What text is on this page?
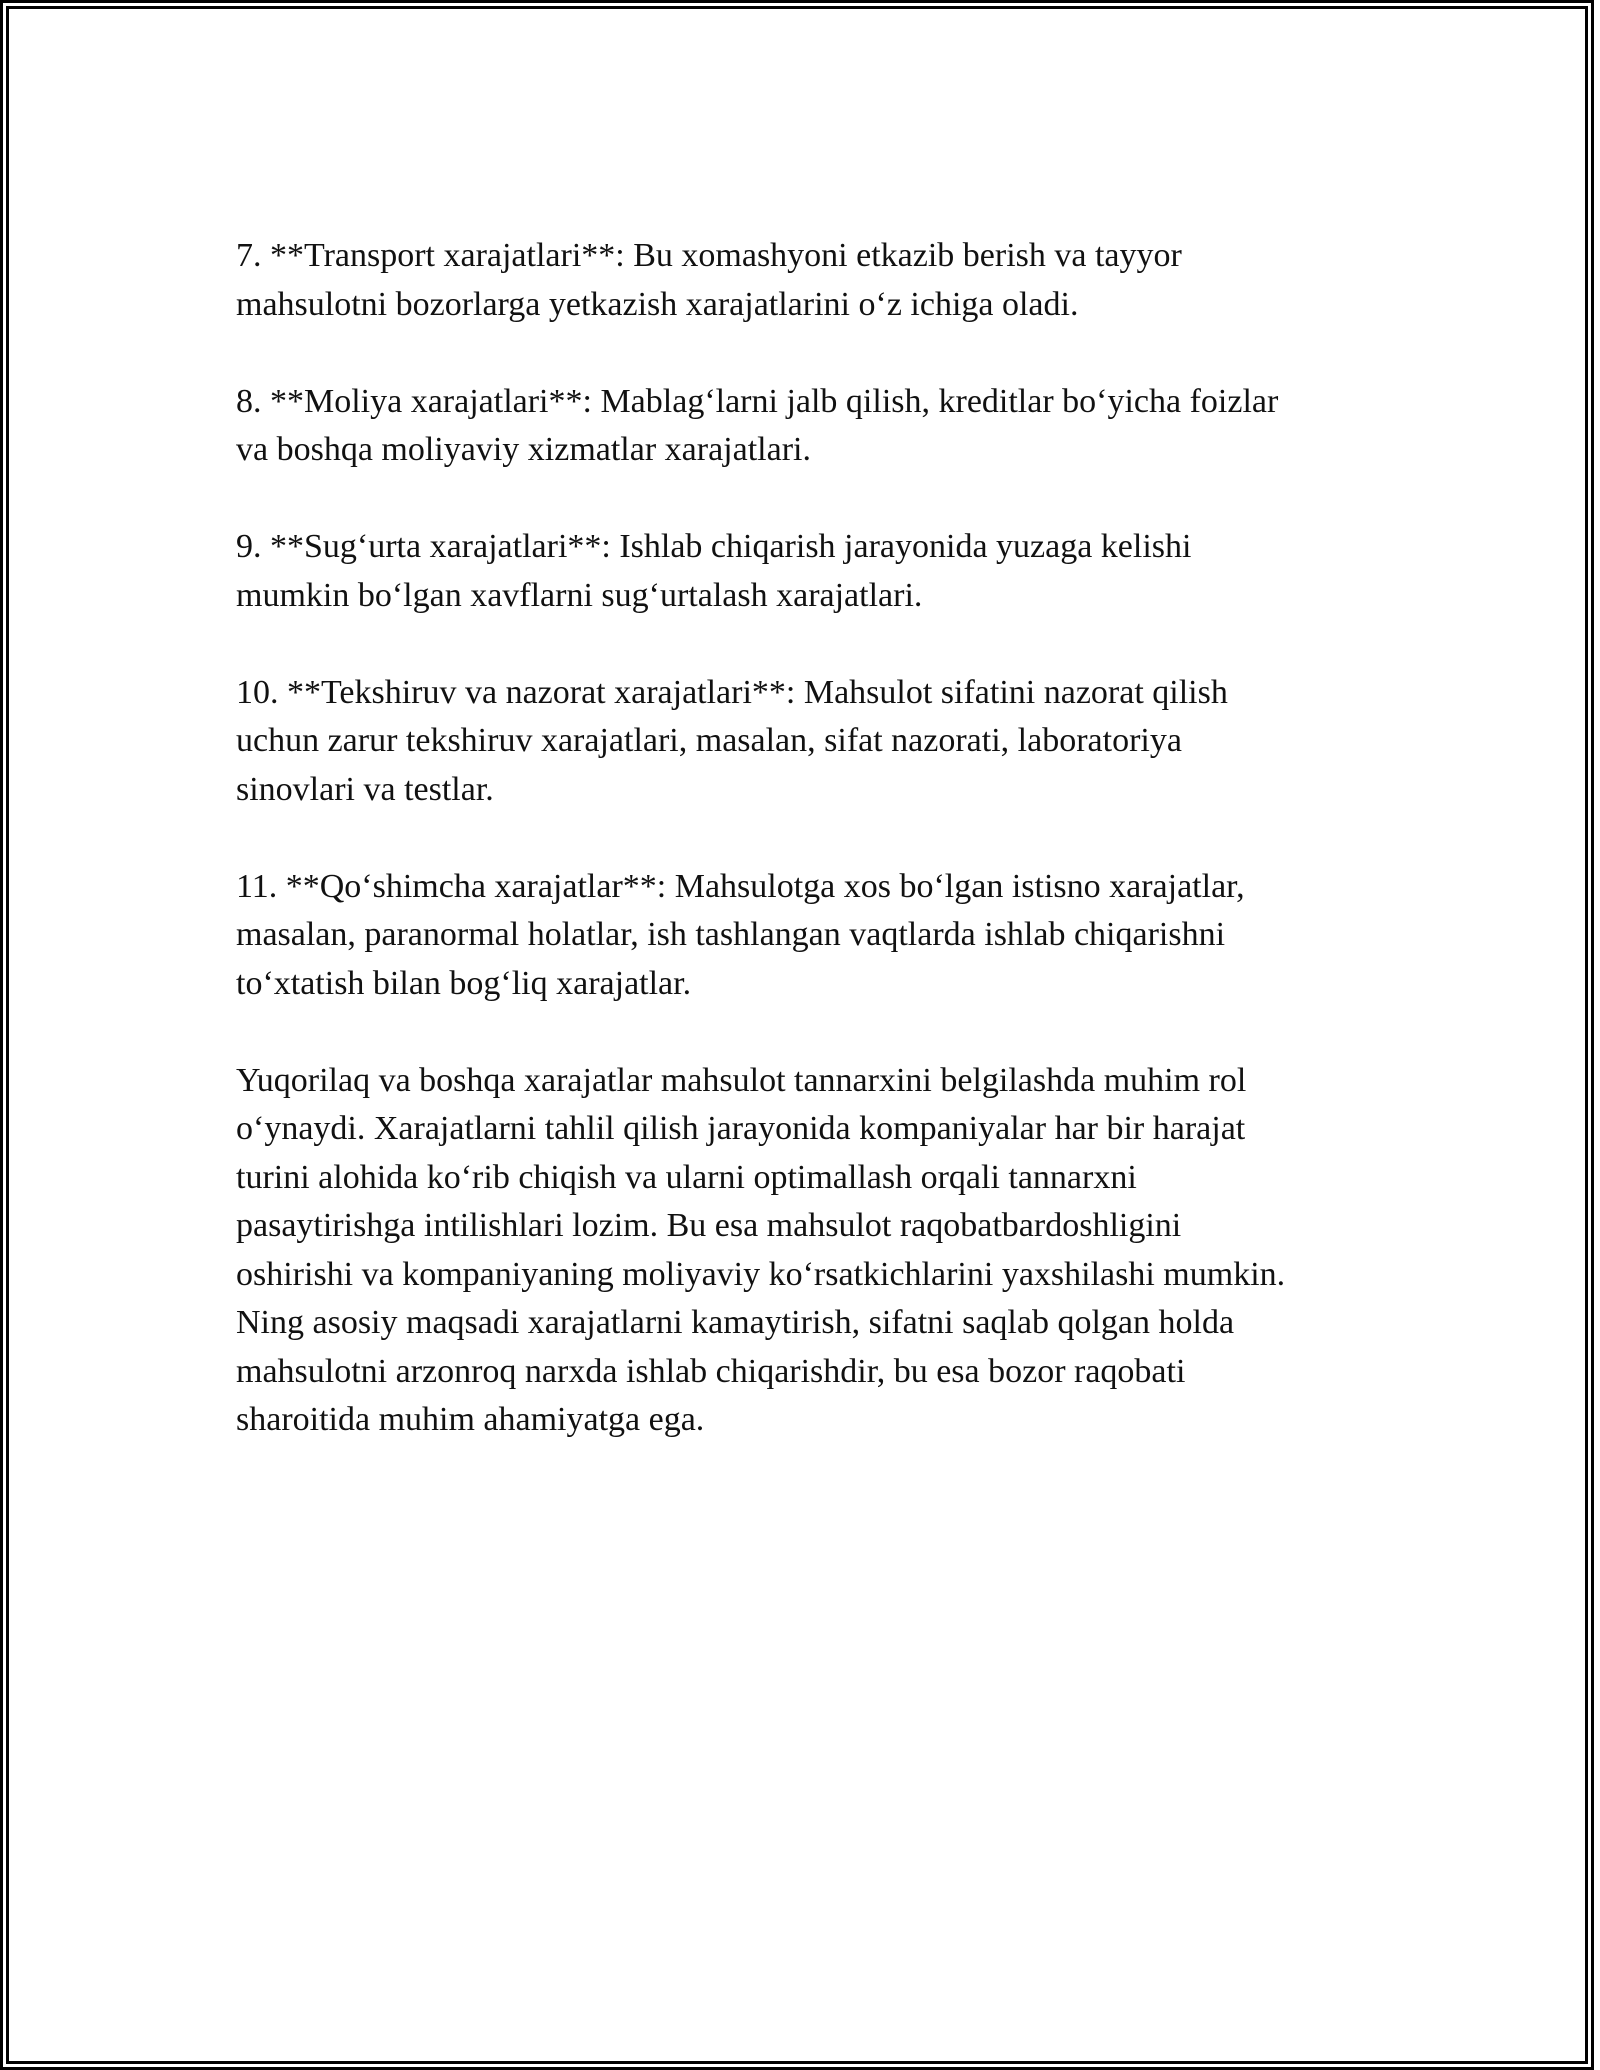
7. **Transport xarajatlari**: Bu xomashyoni etkazib berish va tayyor
mahsulotni bozorlarga yetkazish xarajatlarini o‘z ichiga oladi.

8. **Moliya xarajatlari**: Mablag‘larni jalb qilish, kreditlar bo‘yicha foizlar
va boshqa moliyaviy xizmatlar xarajatlari.

9. **Sug‘urta xarajatlari**: Ishlab chiqarish jarayonida yuzaga kelishi
mumkin bo‘lgan xavflarni sug‘urtalash xarajatlari.

10. **Tekshiruv va nazorat xarajatlari**: Mahsulot sifatini nazorat qilish
uchun zarur tekshiruv xarajatlari, masalan, sifat nazorati, laboratoriya
sinovlari va testlar.

11. **Qo‘shimcha xarajatlar**: Mahsulotga xos bo‘lgan istisno xarajatlar,
masalan, paranormal holatlar, ish tashlangan vaqtlarda ishlab chiqarishni
to‘xtatish bilan bog‘liq xarajatlar.

Yuqorilaq va boshqa xarajatlar mahsulot tannarxini belgilashda muhim rol
o‘ynaydi. Xarajatlarni tahlil qilish jarayonida kompaniyalar har bir harajat
turini alohida ko‘rib chiqish va ularni optimallash orqali tannarxni
pasaytirishga intilishlari lozim. Bu esa mahsulot raqobatbardoshligini
oshirishi va kompaniyaning moliyaviy ko‘rsatkichlarini yaxshilashi mumkin.
Ning asosiy maqsadi xarajatlarni kamaytirish, sifatni saqlab qolgan holda
mahsulotni arzonroq narxda ishlab chiqarishdir, bu esa bozor raqobati
sharoitida muhim ahamiyatga ega.
